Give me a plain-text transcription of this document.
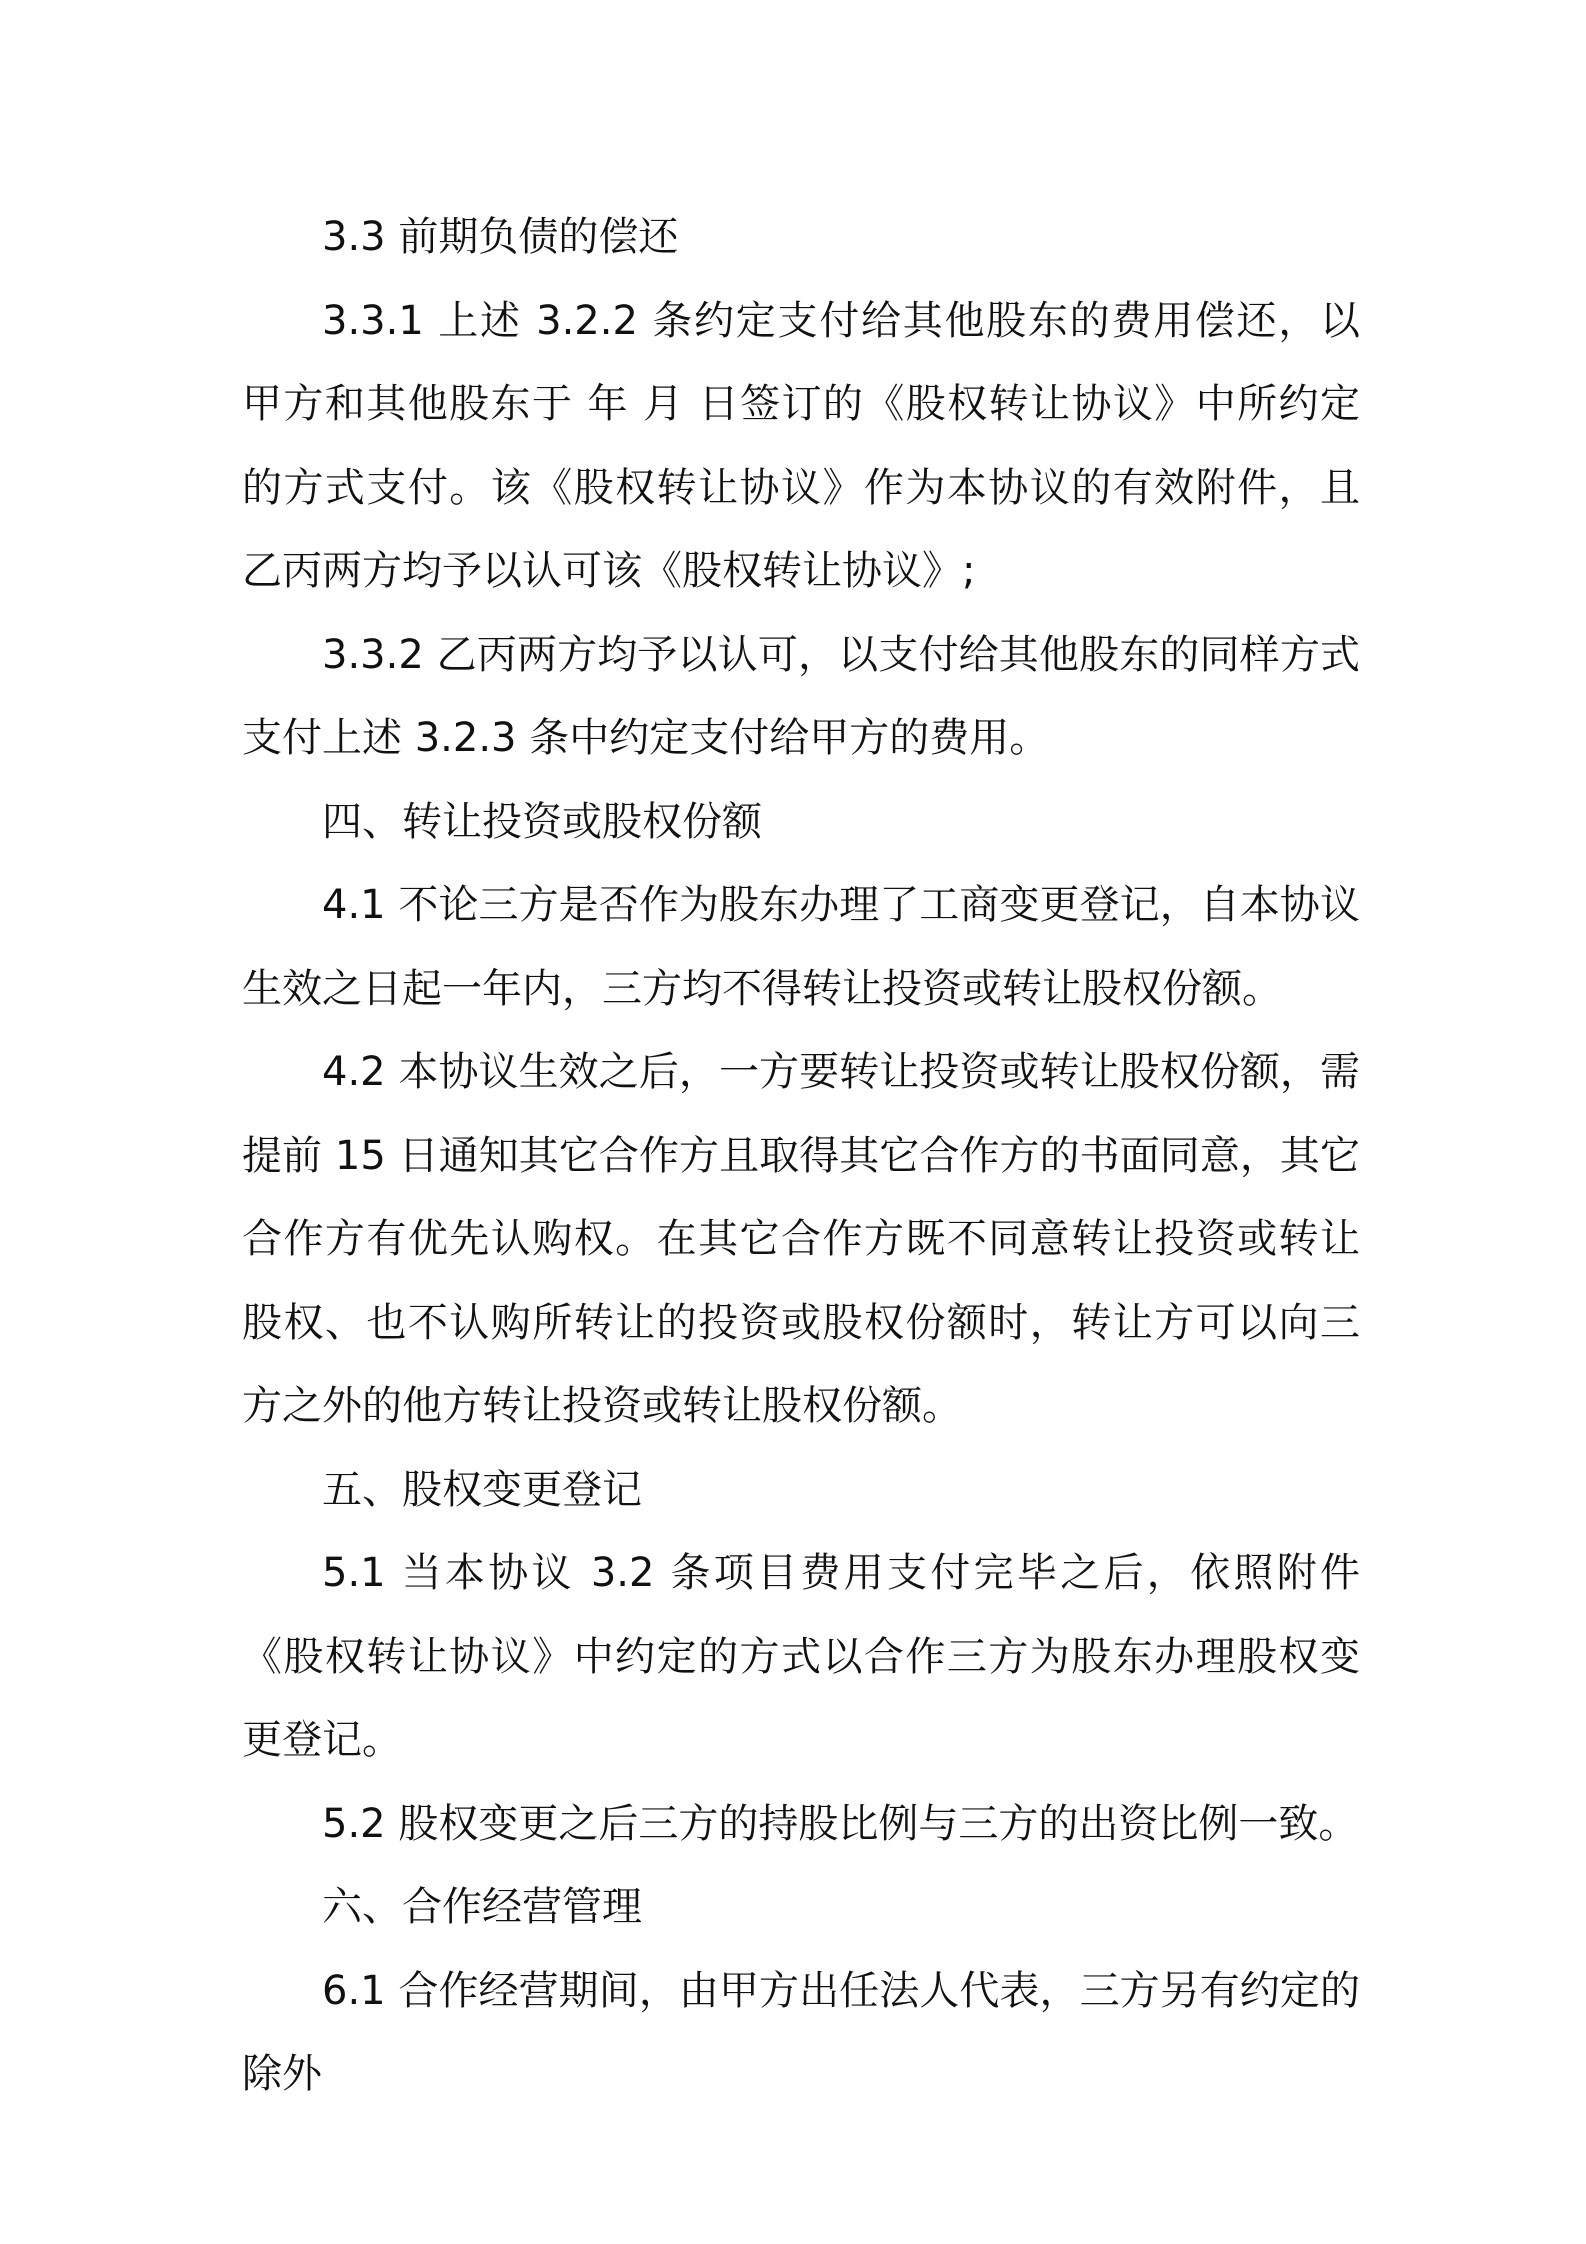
3.3 前期负债的偿还

3.3.1 上述 3.2.2 条约定支付给其他股东的费用偿还，以甲方和其他股东于 年 月 日签订的《股权转让协议》中所约定的方式支付。该《股权转让协议》作为本协议的有效附件，且乙丙两方均予以认可该《股权转让协议》;

3.3.2 乙丙两方均予以认可，以支付给其他股东的同样方式支付上述 3.2.3 条中约定支付给甲方的费用。

四、转让投资或股权份额

4.1 不论三方是否作为股东办理了工商变更登记，自本协议生效之日起一年内，三方均不得转让投资或转让股权份额。

4.2 本协议生效之后，一方要转让投资或转让股权份额，需提前 15 日通知其它合作方且取得其它合作方的书面同意，其它合作方有优先认购权。在其它合作方既不同意转让投资或转让股权、也不认购所转让的投资或股权份额时，转让方可以向三方之外的他方转让投资或转让股权份额。

五、股权变更登记

5.1 当本协议 3.2 条项目费用支付完毕之后，依照附件《股权转让协议》中约定的方式以合作三方为股东办理股权变更登记。

5.2 股权变更之后三方的持股比例与三方的出资比例一致。

六、合作经营管理

6.1 合作经营期间，由甲方出任法人代表，三方另有约定的除外
